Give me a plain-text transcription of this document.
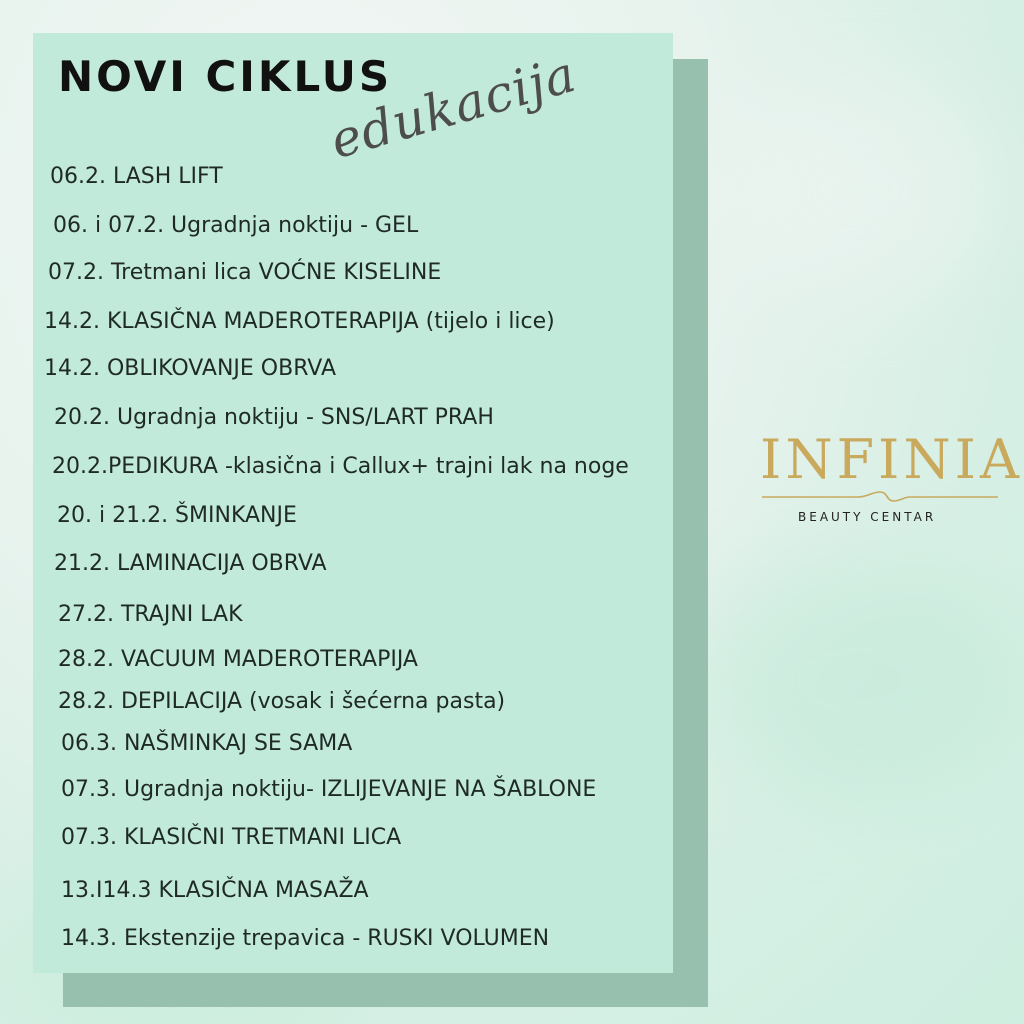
NOVI CIKLUS
edukacija
06.2. LASH LIFT
06. i 07.2. Ugradnja noktiju - GEL
07.2. Tretmani lica VOĆNE KISELINE
14.2. KLASIČNA MADEROTERAPIJA (tijelo i lice)
14.2. OBLIKOVANJE OBRVA
20.2. Ugradnja noktiju - SNS/LART PRAH
20.2.PEDIKURA -klasična i Callux+ trajni lak na noge
20. i 21.2. ŠMINKANJE
21.2. LAMINACIJA OBRVA
27.2. TRAJNI LAK
28.2. VACUUM MADEROTERAPIJA
28.2. DEPILACIJA (vosak i šećerna pasta)
06.3. NAŠMINKAJ SE SAMA
07.3. Ugradnja noktiju- IZLIJEVANJE NA ŠABLONE
07.3. KLASIČNI TRETMANI LICA
13.I14.3 KLASIČNA MASAŽA
14.3. Ekstenzije trepavica - RUSKI VOLUMEN
INFINIA
BEAUTY CENTAR
